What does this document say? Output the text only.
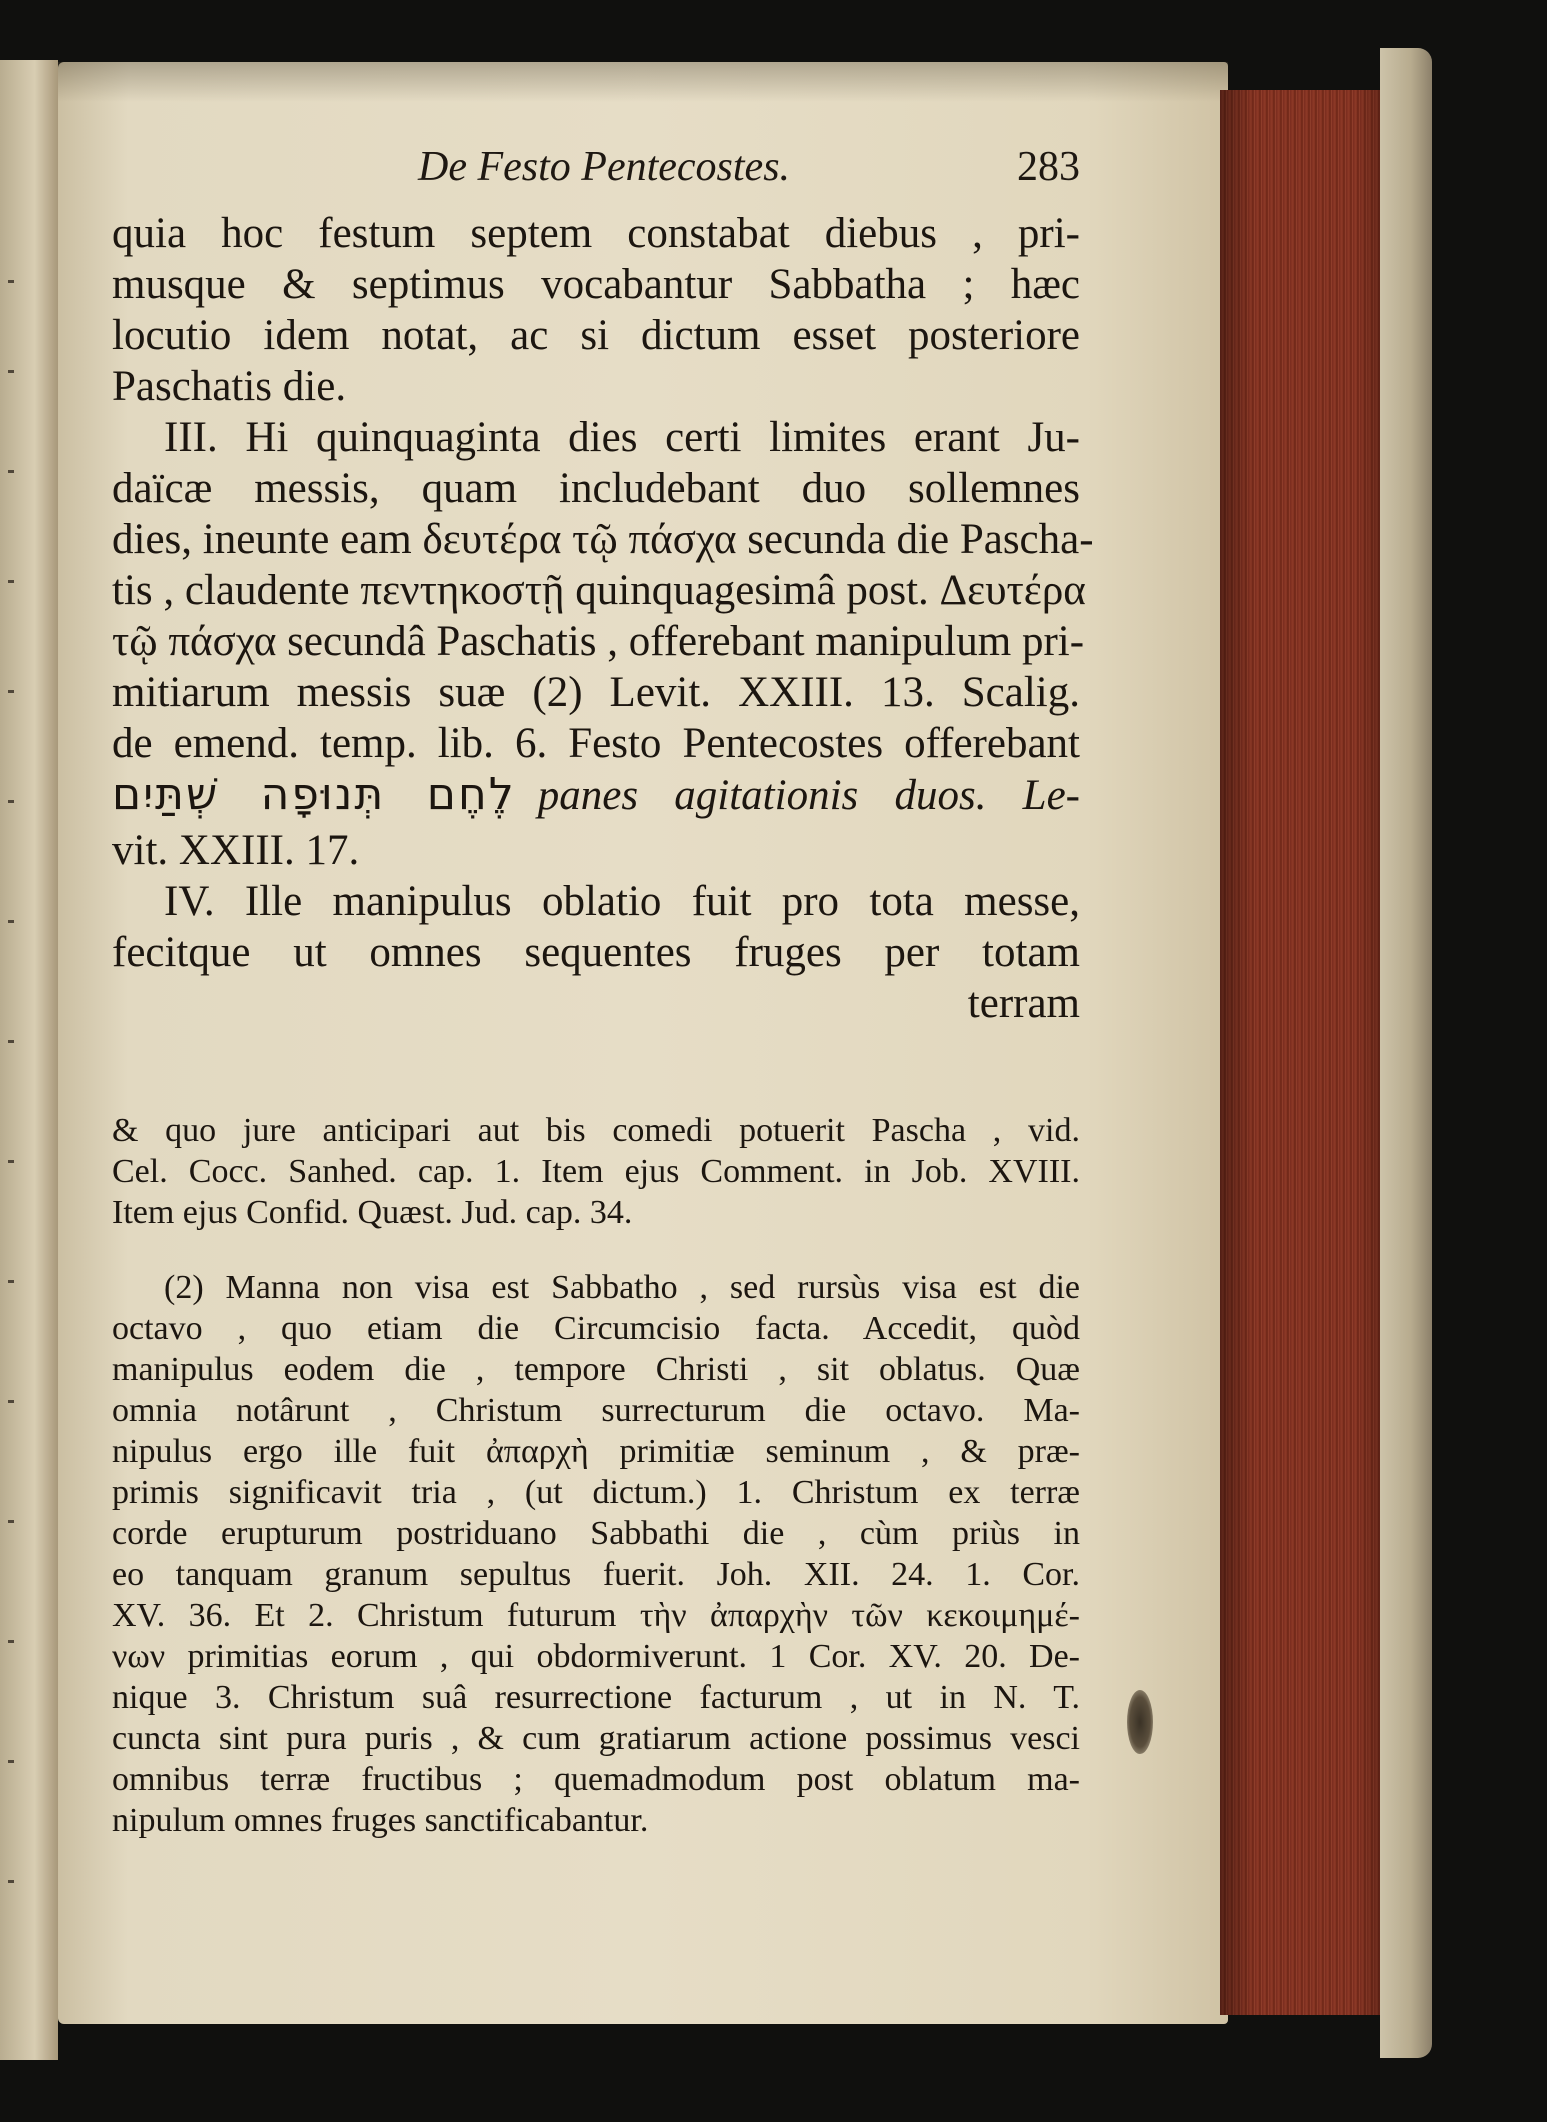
De Festo Pentecostes.	283
quia hoc festum septem constabat diebus , pri-
musque & septimus vocabantur Sabbatha ; hæc
locutio idem notat, ac si dictum esset posteriore
Paschatis die.
III. Hi quinquaginta dies certi limites erant Ju-
daïcæ messis, quam includebant duo sollemnes
dies, ineunte eam δευτέρα τῷ πάσχα secunda die Pascha-
tis , claudente πεντηκοστῇ quinquagesimâ post. Δευτέρα
τῷ πάσχα secundâ Paschatis , offerebant manipulum pri-
mitiarum messis suæ (2) Levit. XXIII. 13. Scalig.
de emend. temp. lib. 6. Festo Pentecostes offerebant
לֶחֶם תְּנוּפָה שְׁתַּיִם panes agitationis duos. Le-
vit. XXIII. 17.
IV. Ille manipulus oblatio fuit pro tota messe,
fecitque ut omnes sequentes fruges per totam
terram
& quo jure anticipari aut bis comedi potuerit Pascha , vid.
Cel. Cocc. Sanhed. cap. 1. Item ejus Comment. in Job. XVIII.
Item ejus Confid. Quæst. Jud. cap. 34.
(2) Manna non visa est Sabbatho , sed rursùs visa est die
octavo , quo etiam die Circumcisio facta. Accedit, quòd
manipulus eodem die , tempore Christi , sit oblatus. Quæ
omnia notârunt , Christum surrecturum die octavo. Ma-
nipulus ergo ille fuit ἀπαρχὴ primitiæ seminum , & præ-
primis significavit tria , (ut dictum.) 1. Christum ex terræ
corde erupturum postriduano Sabbathi die , cùm priùs in
eo tanquam granum sepultus fuerit. Joh. XII. 24. 1. Cor.
XV. 36. Et 2. Christum futurum τὴν ἀπαρχὴν τῶν κεκοιμημέ-
νων primitias eorum , qui obdormiverunt. 1 Cor. XV. 20. De-
nique 3. Christum suâ resurrectione facturum , ut in N. T.
cuncta sint pura puris , & cum gratiarum actione possimus vesci
omnibus terræ fructibus ; quemadmodum post oblatum ma-
nipulum omnes fruges sanctificabantur.
